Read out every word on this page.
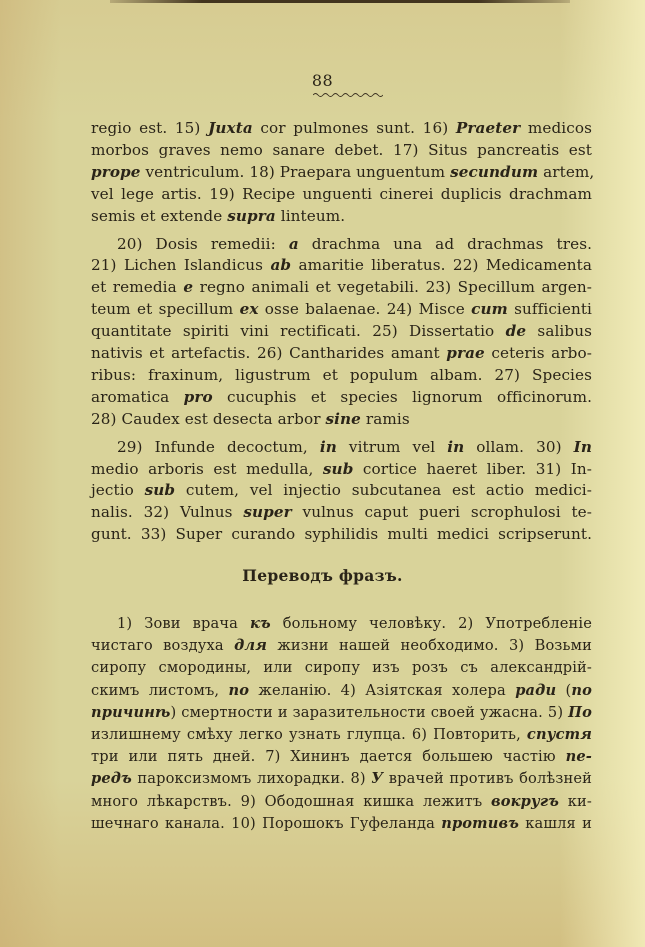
88
regio est. 15) Juxta cor pulmones sunt. 16) Praeter medicos
morbos graves nemo sanare debet. 17) Situs pancreatis est
prope ventriculum. 18) Praepara unguentum secundum artem,
vel lege artis. 19) Recipe unguenti cinerei duplicis drachmam
semis et extende supra linteum.
20) Dosis remedii: a drachma una ad drachmas tres.
21) Lichen Islandicus ab amaritie liberatus. 22) Medicamenta
et remedia e regno animali et vegetabili. 23) Specillum argen-
teum et specillum ex osse balaenae. 24) Misce cum sufficienti
quantitate spiriti vini rectificati. 25) Dissertatio de salibus
nativis et artefactis. 26) Cantharides amant prae ceteris arbo-
ribus: fraxinum, ligustrum et populum albam. 27) Species
aromatica pro cucuphis et species lignorum officinorum.
28) Caudex est desecta arbor sine ramis
29) Infunde decoctum, in vitrum vel in ollam. 30) In
medio arboris est medulla, sub cortice haeret liber. 31) In-
jectio sub cutem, vel injectio subcutanea est actio medici-
nalis. 32) Vulnus super vulnus caput pueri scrophulosi te-
gunt. 33) Super curando syphilidis multi medici scripserunt.
Переводъ фразъ.
1) Зови врача къ больному человѣку. 2) Употребленіе
чистаго воздуха для жизни нашей необходимо. 3) Возьми
сиропу смородины, или сиропу изъ розъ съ александрій-
скимъ листомъ, по желанію. 4) Азіятская холера ради (по
причинѣ) смертности и заразительности своей ужасна. 5) По
излишнему смѣху легко узнать глупца. 6) Повторить, спустя
три или пять дней. 7) Хининъ дается большею частію пе-
редъ пароксизмомъ лихорадки. 8) У врачей противъ болѣзней
много лѣкарствъ. 9) Ободошная кишка лежитъ вокругъ ки-
шечнаго канала. 10) Порошокъ Гуфеланда противъ кашля и
